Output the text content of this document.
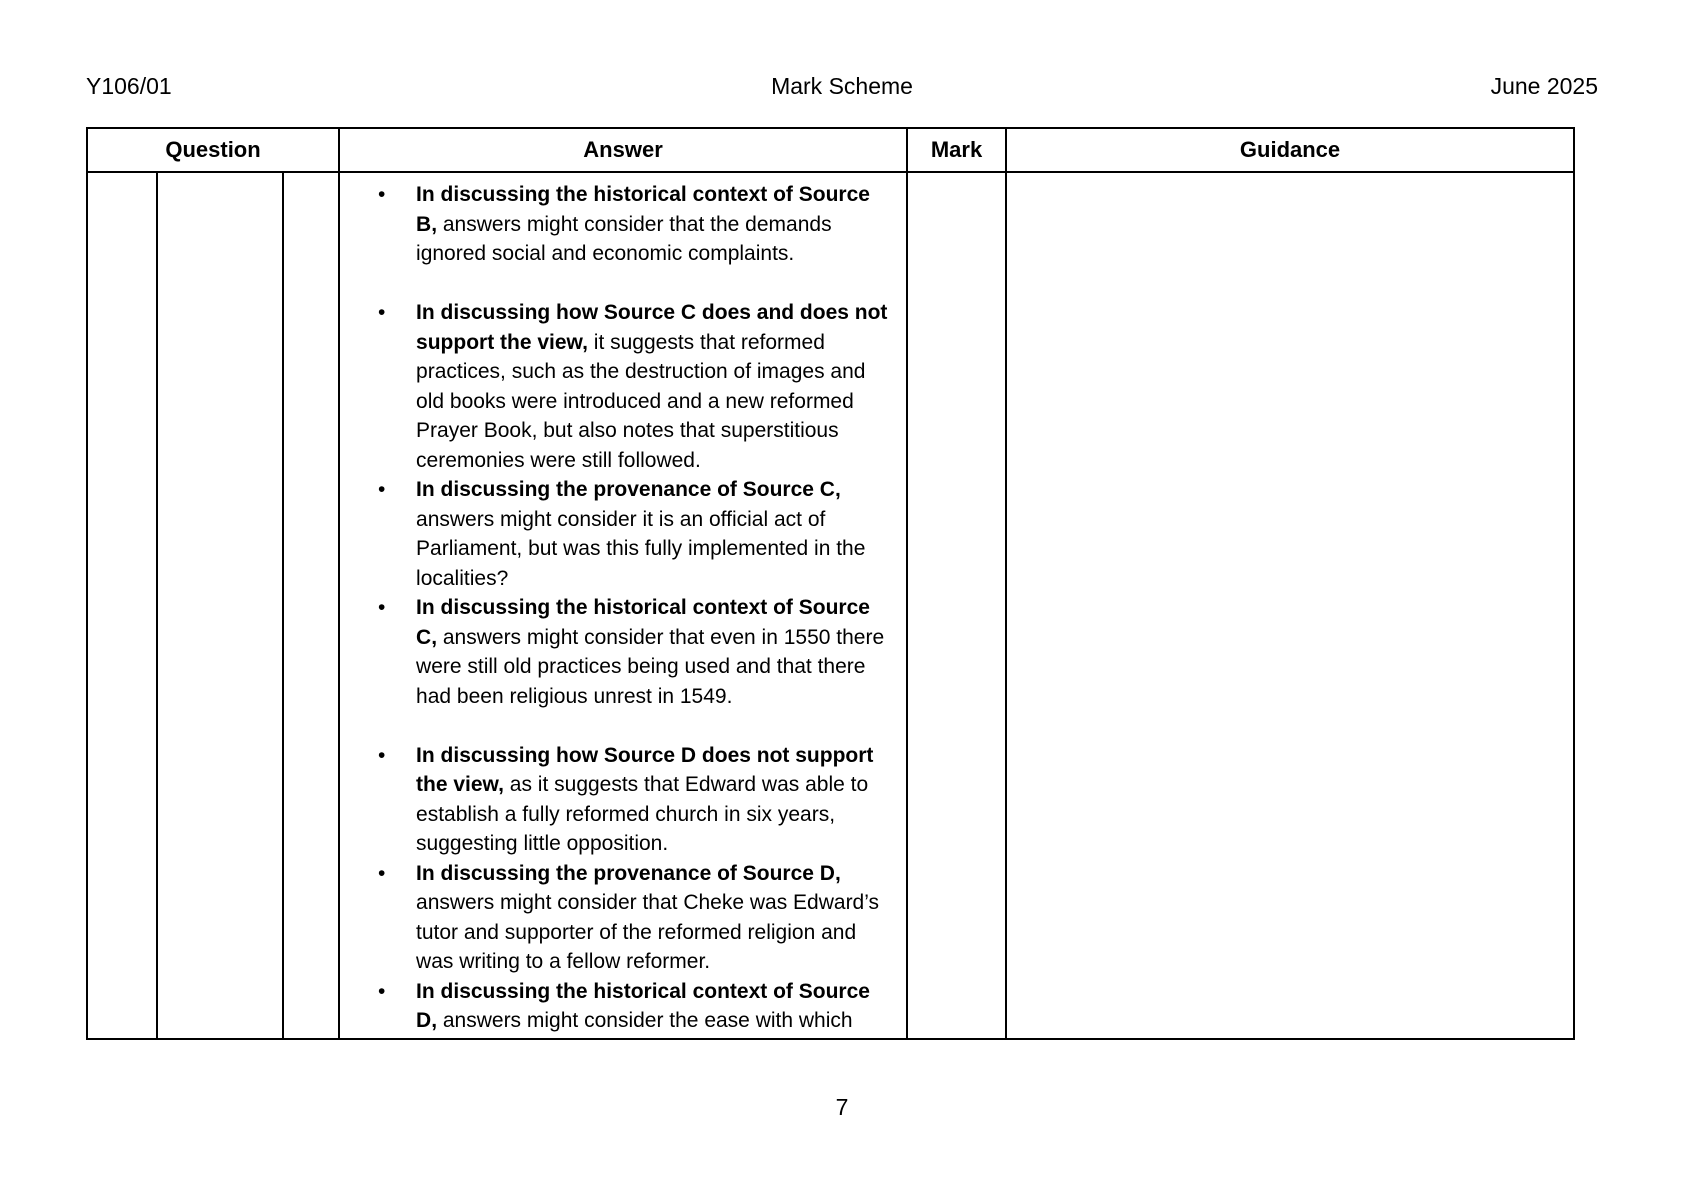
Y106/01	Mark Scheme	June 2025
Question			Answer	Mark	Guidance

• In discussing the historical context of Source B, answers might consider that the demands ignored social and economic complaints.
• In discussing how Source C does and does not support the view, it suggests that reformed practices, such as the destruction of images and old books were introduced and a new reformed Prayer Book, but also notes that superstitious ceremonies were still followed.
• In discussing the provenance of Source C, answers might consider it is an official act of Parliament, but was this fully implemented in the localities?
• In discussing the historical context of Source C, answers might consider that even in 1550 there were still old practices being used and that there had been religious unrest in 1549.
• In discussing how Source D does not support the view, as it suggests that Edward was able to establish a fully reformed church in six years, suggesting little opposition.
• In discussing the provenance of Source D, answers might consider that Cheke was Edward’s tutor and supporter of the reformed religion and was writing to a fellow reformer.
• In discussing the historical context of Source D, answers might consider the ease with which

7
